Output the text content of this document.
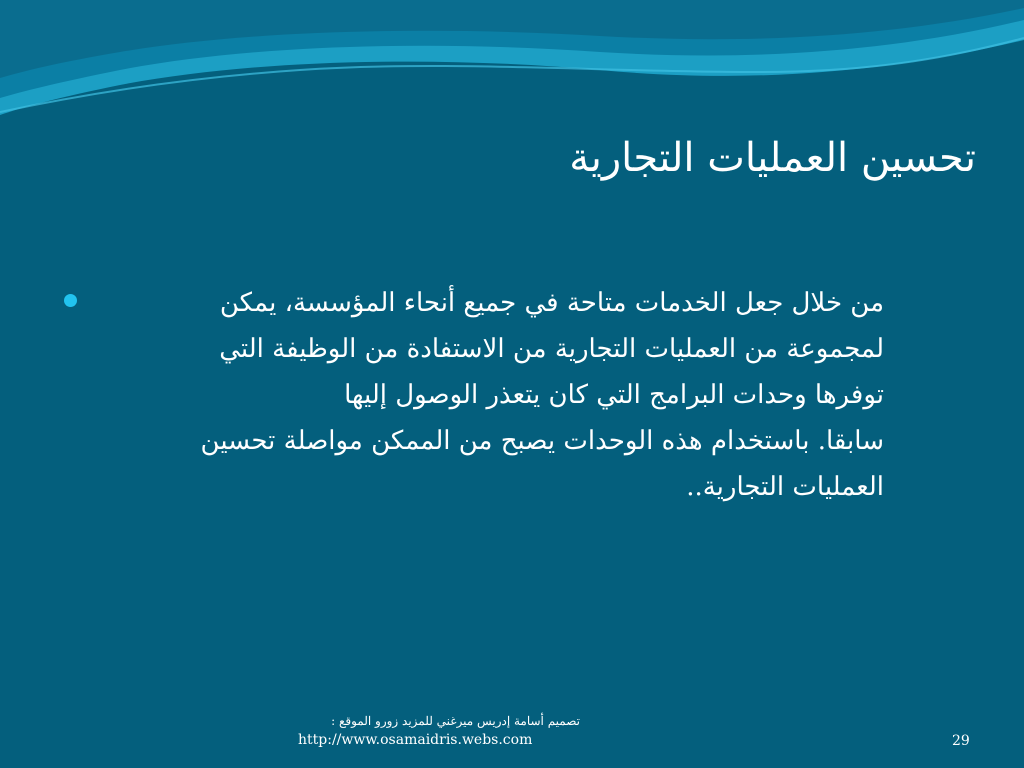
تحسين العمليات التجارية
من خلال جعل الخدمات متاحة في جميع أنحاء المؤسسة، يمكن
لمجموعة من العمليات التجارية من الاستفادة من الوظيفة التي
توفرها وحدات البرامج التي كان يتعذر الوصول إليها
سابقا. باستخدام هذه الوحدات يصبح من الممكن مواصلة تحسين
العمليات التجارية..
تصميم أسامة إدريس ميرغني للمزيد زورو الموقع :
http://www.osamaidris.webs.com	29
